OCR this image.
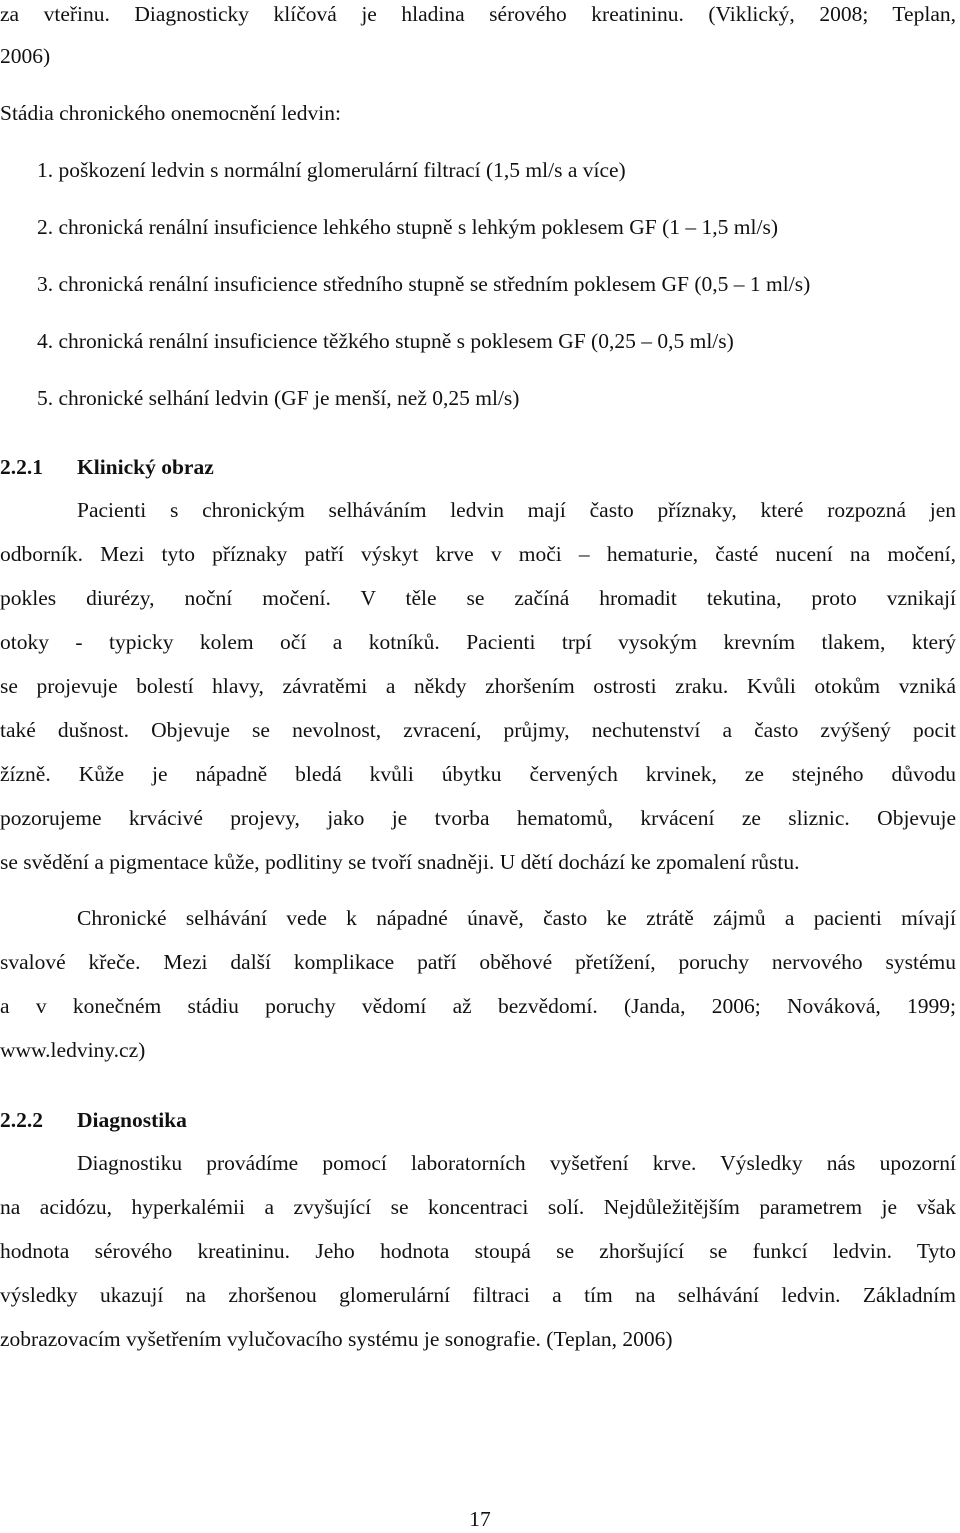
za vteřinu. Diagnosticky klíčová je hladina sérového kreatininu. (Viklický, 2008; Teplan,
2006)
Stádia chronického onemocnění ledvin:
1. poškození ledvin s normální glomerulární filtrací (1,5 ml/s a více)
2. chronická renální insuficience lehkého stupně s lehkým poklesem GF (1 – 1,5 ml/s)
3. chronická renální insuficience středního stupně se středním poklesem GF (0,5 – 1 ml/s)
4. chronická renální insuficience těžkého stupně s poklesem GF (0,25 – 0,5 ml/s)
5. chronické selhání ledvin (GF je menší, než 0,25 ml/s)
2.2.1 Klinický obraz
Pacienti s chronickým selháváním ledvin mají často příznaky, které rozpozná jen
odborník. Mezi tyto příznaky patří výskyt krve v moči – hematurie, časté nucení na močení,
pokles diurézy, noční močení. V těle se začíná hromadit tekutina, proto vznikají
otoky - typicky kolem očí a kotníků. Pacienti trpí vysokým krevním tlakem, který
se projevuje bolestí hlavy, závratěmi a někdy zhoršením ostrosti zraku. Kvůli otokům vzniká
také dušnost. Objevuje se nevolnost, zvracení, průjmy, nechutenství a často zvýšený pocit
žízně. Kůže je nápadně bledá kvůli úbytku červených krvinek, ze stejného důvodu
pozorujeme krvácivé projevy, jako je tvorba hematomů, krvácení ze sliznic. Objevuje
se svědění a pigmentace kůže, podlitiny se tvoří snadněji. U dětí dochází ke zpomalení růstu.
Chronické selhávání vede k nápadné únavě, často ke ztrátě zájmů a pacienti mívají
svalové křeče. Mezi další komplikace patří oběhové přetížení, poruchy nervového systému
a v konečném stádiu poruchy vědomí až bezvědomí. (Janda, 2006; Nováková, 1999;
www.ledviny.cz)
2.2.2 Diagnostika
Diagnostiku provádíme pomocí laboratorních vyšetření krve. Výsledky nás upozorní
na acidózu, hyperkalémii a zvyšující se koncentraci solí. Nejdůležitějším parametrem je však
hodnota sérového kreatininu. Jeho hodnota stoupá se zhoršující se funkcí ledvin. Tyto
výsledky ukazují na zhoršenou glomerulární filtraci a tím na selhávání ledvin. Základním
zobrazovacím vyšetřením vylučovacího systému je sonografie. (Teplan, 2006)
17
